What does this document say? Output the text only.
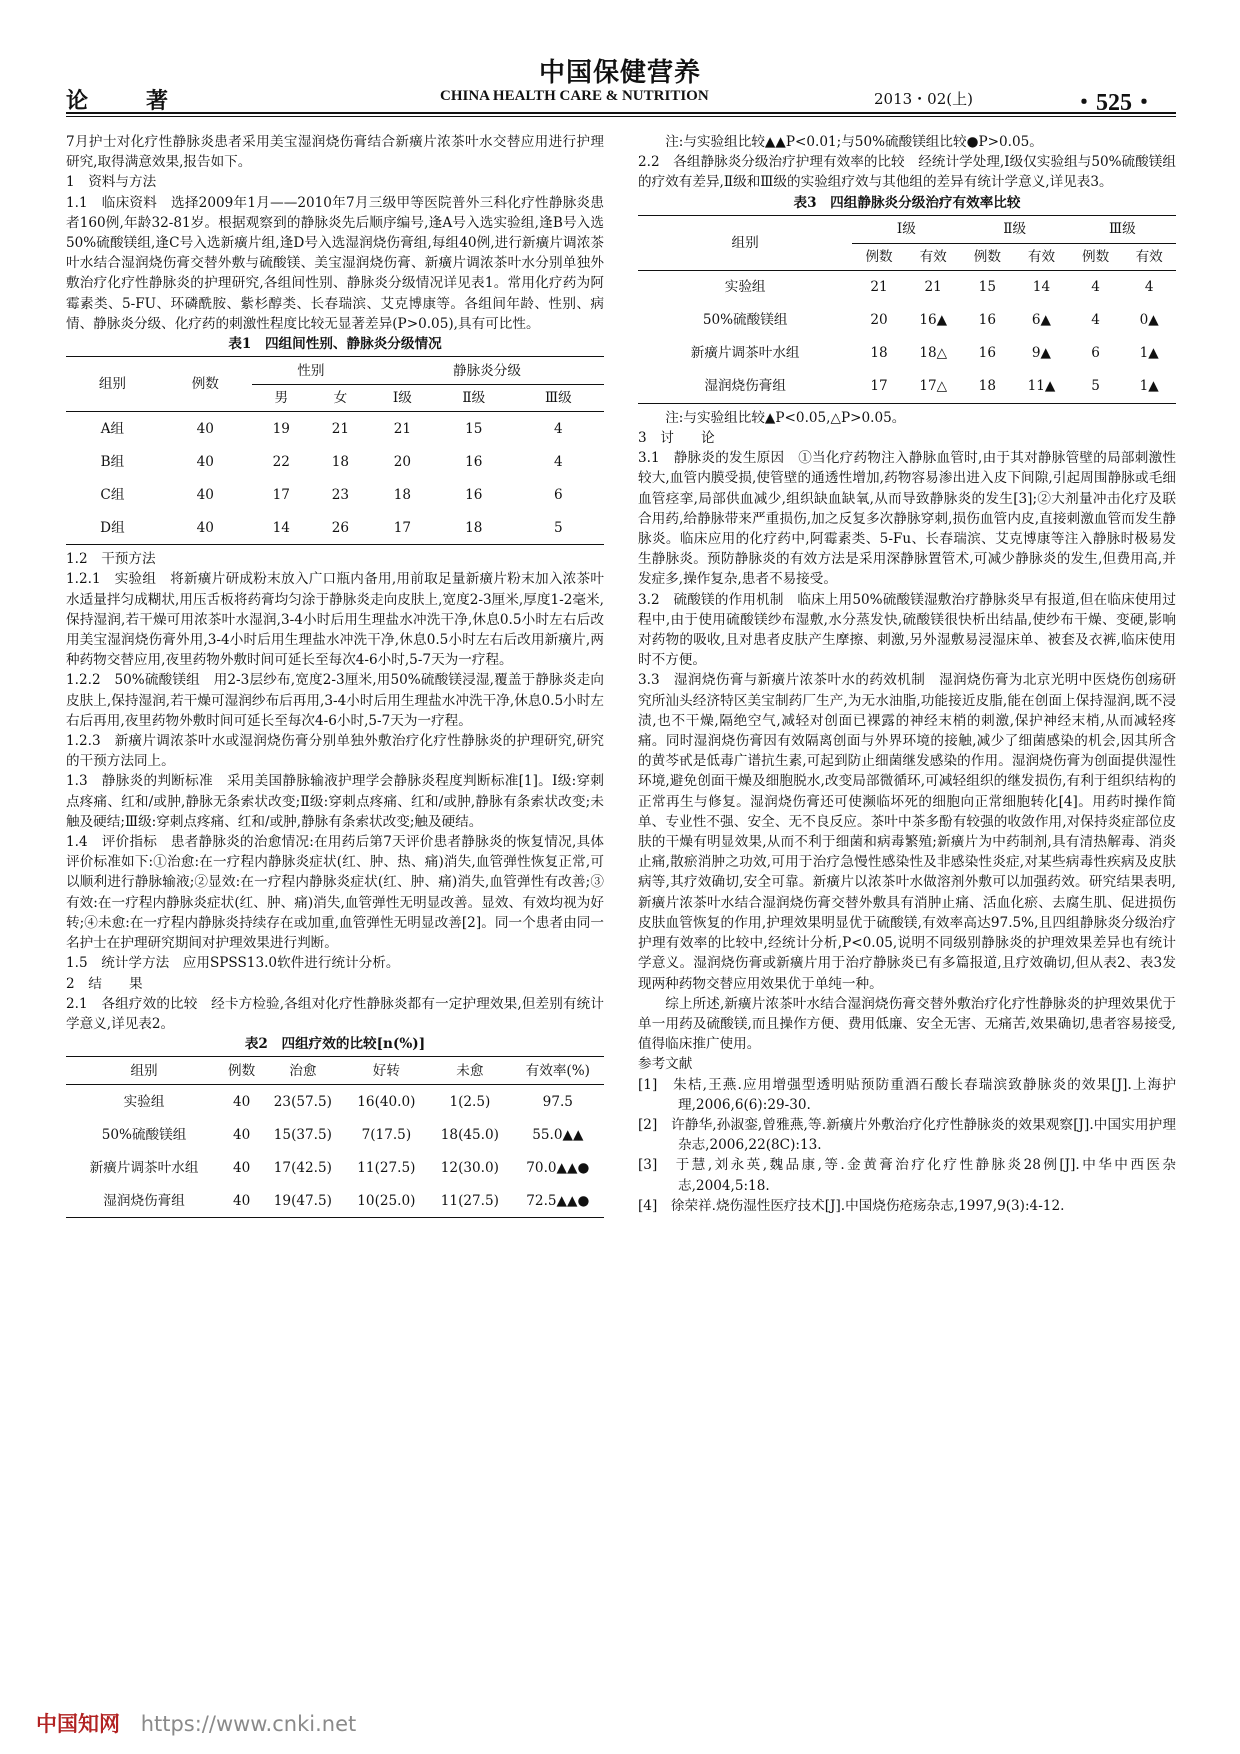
中国保健营养
论　著	CHINA HEALTH CARE & NUTRITION	2013・02(上)	・525・

7月护士对化疗性静脉炎患者采用美宝湿润烧伤膏结合新癀片浓茶叶水交替应用进行护理研究,取得满意效果,报告如下。

1　资料与方法

1.1　临床资料　选择2009年1月——2010年7月三级甲等医院普外三科化疗性静脉炎患者160例,年龄32-81岁。根据观察到的静脉炎先后顺序编号,逢A号入选实验组,逢B号入选50%硫酸镁组,逢C号入选新癀片组,逢D号入选湿润烧伤膏组,每组40例,进行新癀片调浓茶叶水结合湿润烧伤膏交替外敷与硫酸镁、美宝湿润烧伤膏、新癀片调浓茶叶水分别单独外敷治疗化疗性静脉炎的护理研究,各组间性别、静脉炎分级情况详见表1。常用化疗药为阿霉素类、5-FU、环磷酰胺、紫杉醇类、长春瑞滨、艾克博康等。各组间年龄、性别、病情、静脉炎分级、化疗药的刺激性程度比较无显著差异(P>0.05),具有可比性。

表1　四组间性别、静脉炎分级情况

组别	例数	性别		静脉炎分级		
		男	女	Ⅰ级	Ⅱ级	Ⅲ级
A组	40	19	21	21	15	4
B组	40	22	18	20	16	4
C组	40	17	23	18	16	6
D组	40	14	26	17	18	5

1.2　干预方法

1.2.1　实验组　将新癀片研成粉末放入广口瓶内备用,用前取足量新癀片粉末加入浓茶叶水适量拌匀成糊状,用压舌板将药膏均匀涂于静脉炎走向皮肤上,宽度2-3厘米,厚度1-2毫米,保持湿润,若干燥可用浓茶叶水湿润,3-4小时后用生理盐水冲洗干净,休息0.5小时左右后改用美宝湿润烧伤膏外用,3-4小时后用生理盐水冲洗干净,休息0.5小时左右后改用新癀片,两种药物交替应用,夜里药物外敷时间可延长至每次4-6小时,5-7天为一疗程。

1.2.2　50%硫酸镁组　用2-3层纱布,宽度2-3厘米,用50%硫酸镁浸湿,覆盖于静脉炎走向皮肤上,保持湿润,若干燥可湿润纱布后再用,3-4小时后用生理盐水冲洗干净,休息0.5小时左右后再用,夜里药物外敷时间可延长至每次4-6小时,5-7天为一疗程。

1.2.3　新癀片调浓茶叶水或湿润烧伤膏分别单独外敷治疗化疗性静脉炎的护理研究,研究的干预方法同上。

1.3　静脉炎的判断标准　采用美国静脉输液护理学会静脉炎程度判断标准[1]。Ⅰ级:穿刺点疼痛、红和/或肿,静脉无条索状改变;Ⅱ级:穿刺点疼痛、红和/或肿,静脉有条索状改变;未触及硬结;Ⅲ级:穿刺点疼痛、红和/或肿,静脉有条索状改变;触及硬结。

1.4　评价指标　患者静脉炎的治愈情况:在用药后第7天评价患者静脉炎的恢复情况,具体评价标准如下:①治愈:在一疗程内静脉炎症状(红、肿、热、痛)消失,血管弹性恢复正常,可以顺利进行静脉输液;②显效:在一疗程内静脉炎症状(红、肿、痛)消失,血管弹性有改善;③有效:在一疗程内静脉炎症状(红、肿、痛)消失,血管弹性无明显改善。显效、有效均视为好转;④未愈:在一疗程内静脉炎持续存在或加重,血管弹性无明显改善[2]。同一个患者由同一名护士在护理研究期间对护理效果进行判断。

1.5　统计学方法　应用SPSS13.0软件进行统计分析。

2　结　　果

2.1　各组疗效的比较　经卡方检验,各组对化疗性静脉炎都有一定护理效果,但差别有统计学意义,详见表2。

表2　四组疗效的比较[n(%)]

组别	例数	治愈	好转	未愈	有效率(%)
实验组	40	23(57.5)	16(40.0)	1(2.5)	97.5
50%硫酸镁组	40	15(37.5)	7(17.5)	18(45.0)	55.0▲▲
新癀片调茶叶水组	40	17(42.5)	11(27.5)	12(30.0)	70.0▲▲●
湿润烧伤膏组	40	19(47.5)	10(25.0)	11(27.5)	72.5▲▲●

注:与实验组比较▲▲P<0.01;与50%硫酸镁组比较●P>0.05。

2.2　各组静脉炎分级治疗护理有效率的比较　经统计学处理,Ⅰ级仅实验组与50%硫酸镁组的疗效有差异,Ⅱ级和Ⅲ级的实验组疗效与其他组的差异有统计学意义,详见表3。

表3　四组静脉炎分级治疗有效率比较

组别	Ⅰ级		Ⅱ级		Ⅲ级	
	例数	有效	例数	有效	例数	有效
实验组	21	21	15	14	4	4
50%硫酸镁组	20	16▲	16	6▲	4	0▲
新癀片调茶叶水组	18	18△	16	9▲	6	1▲
湿润烧伤膏组	17	17△	18	11▲	5	1▲

注:与实验组比较▲P<0.05,△P>0.05。

3　讨　　论

3.1　静脉炎的发生原因　①当化疗药物注入静脉血管时,由于其对静脉管壁的局部刺激性较大,血管内膜受损,使管壁的通透性增加,药物容易渗出进入皮下间隙,引起周围静脉或毛细血管痉挛,局部供血减少,组织缺血缺氧,从而导致静脉炎的发生[3];②大剂量冲击化疗及联合用药,给静脉带来严重损伤,加之反复多次静脉穿刺,损伤血管内皮,直接刺激血管而发生静脉炎。临床应用的化疗药中,阿霉素类、5-Fu、长春瑞滨、艾克博康等注入静脉时极易发生静脉炎。预防静脉炎的有效方法是采用深静脉置管术,可减少静脉炎的发生,但费用高,并发症多,操作复杂,患者不易接受。

3.2　硫酸镁的作用机制　临床上用50%硫酸镁湿敷治疗静脉炎早有报道,但在临床使用过程中,由于使用硫酸镁纱布湿敷,水分蒸发快,硫酸镁很快析出结晶,使纱布干燥、变硬,影响对药物的吸收,且对患者皮肤产生摩擦、刺激,另外湿敷易浸湿床单、被套及衣裤,临床使用时不方便。

3.3　湿润烧伤膏与新癀片浓茶叶水的药效机制　湿润烧伤膏为北京光明中医烧伤创疡研究所汕头经济特区美宝制药厂生产,为无水油脂,功能接近皮脂,能在创面上保持湿润,既不浸渍,也不干燥,隔绝空气,减轻对创面已裸露的神经末梢的刺激,保护神经末梢,从而减轻疼痛。同时湿润烧伤膏因有效隔离创面与外界环境的接触,减少了细菌感染的机会,因其所含的黄芩甙是低毒广谱抗生素,可起到防止细菌继发感染的作用。湿润烧伤膏为创面提供湿性环境,避免创面干燥及细胞脱水,改变局部微循环,可减轻组织的继发损伤,有利于组织结构的正常再生与修复。湿润烧伤膏还可使濒临坏死的细胞向正常细胞转化[4]。用药时操作简单、专业性不强、安全、无不良反应。茶叶中茶多酚有较强的收敛作用,对保持炎症部位皮肤的干燥有明显效果,从而不利于细菌和病毒繁殖;新癀片为中药制剂,具有清热解毒、消炎止痛,散瘀消肿之功效,可用于治疗急慢性感染性及非感染性炎症,对某些病毒性疾病及皮肤病等,其疗效确切,安全可靠。新癀片以浓茶叶水做溶剂外敷可以加强药效。研究结果表明,新癀片浓茶叶水结合湿润烧伤膏交替外敷具有消肿止痛、活血化瘀、去腐生肌、促进损伤皮肤血管恢复的作用,护理效果明显优于硫酸镁,有效率高达97.5%,且四组静脉炎分级治疗护理有效率的比较中,经统计分析,P<0.05,说明不同级别静脉炎的护理效果差异也有统计学意义。湿润烧伤膏或新癀片用于治疗静脉炎已有多篇报道,且疗效确切,但从表2、表3发现两种药物交替应用效果优于单纯一种。

综上所述,新癀片浓茶叶水结合湿润烧伤膏交替外敷治疗化疗性静脉炎的护理效果优于单一用药及硫酸镁,而且操作方便、费用低廉、安全无害、无痛苦,效果确切,患者容易接受,值得临床推广使用。

参考文献

[1]　朱桔,王燕.应用增强型透明贴预防重酒石酸长春瑞滨致静脉炎的效果[J].上海护理,2006,6(6):29-30.

[2]　许静华,孙淑銮,曾雅燕,等.新癀片外敷治疗化疗性静脉炎的效果观察[J].中国实用护理杂志,2006,22(8C):13.

[3]　于慧,刘永英,魏品康,等.金黄膏治疗化疗性静脉炎28例[J].中华中西医杂志,2004,5:18.

[4]　徐荣祥.烧伤湿性医疗技术[J].中国烧伤疮疡杂志,1997,9(3):4-12.

中国知网 https://www.cnki.net
